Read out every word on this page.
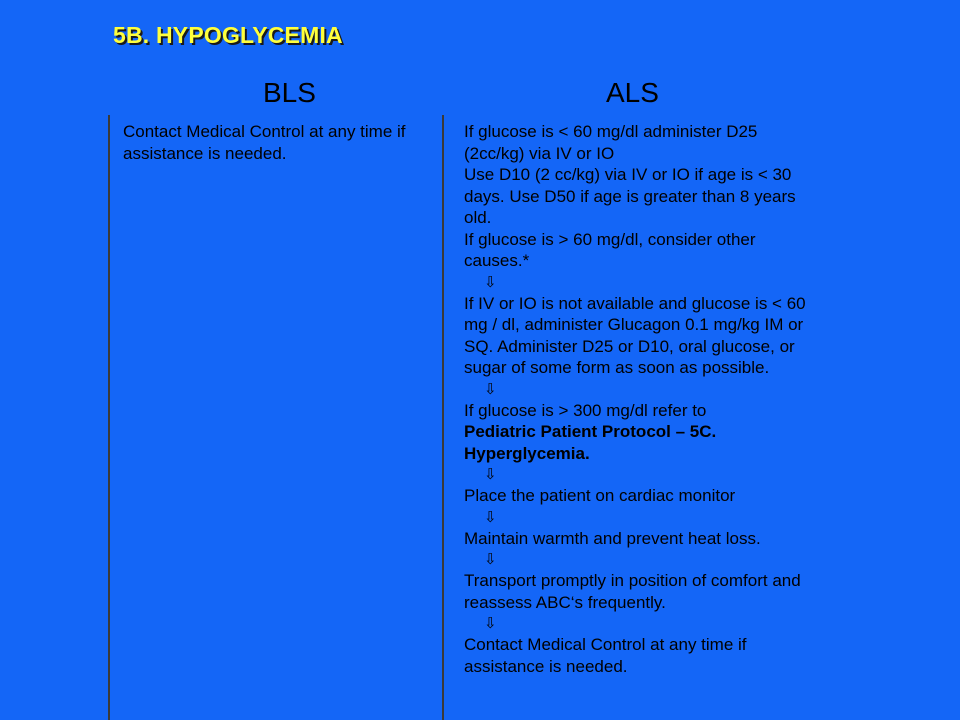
5B. HYPOGLYCEMIA
BLS	ALS
Contact Medical Control at any time if assistance is needed.

If glucose is < 60 mg/dl administer D25 (2cc/kg) via IV or IO

Use D10 (2 cc/kg) via IV or IO if age is < 30 days. Use D50 if age is greater than 8 years old.

If glucose is > 60 mg/dl, consider other causes.*

⇩

If IV or IO is not available and glucose is < 60 mg / dl, administer Glucagon 0.1 mg/kg IM or SQ. Administer D25 or D10, oral glucose, or sugar of some form as soon as possible.

⇩

If glucose is > 300 mg/dl refer to
Pediatric Patient Protocol – 5C. Hyperglycemia.

⇩

Place the patient on cardiac monitor

⇩

Maintain warmth and prevent heat loss.

⇩

Transport promptly in position of comfort and reassess ABC‘s frequently.

⇩

Contact Medical Control at any time if assistance is needed.
